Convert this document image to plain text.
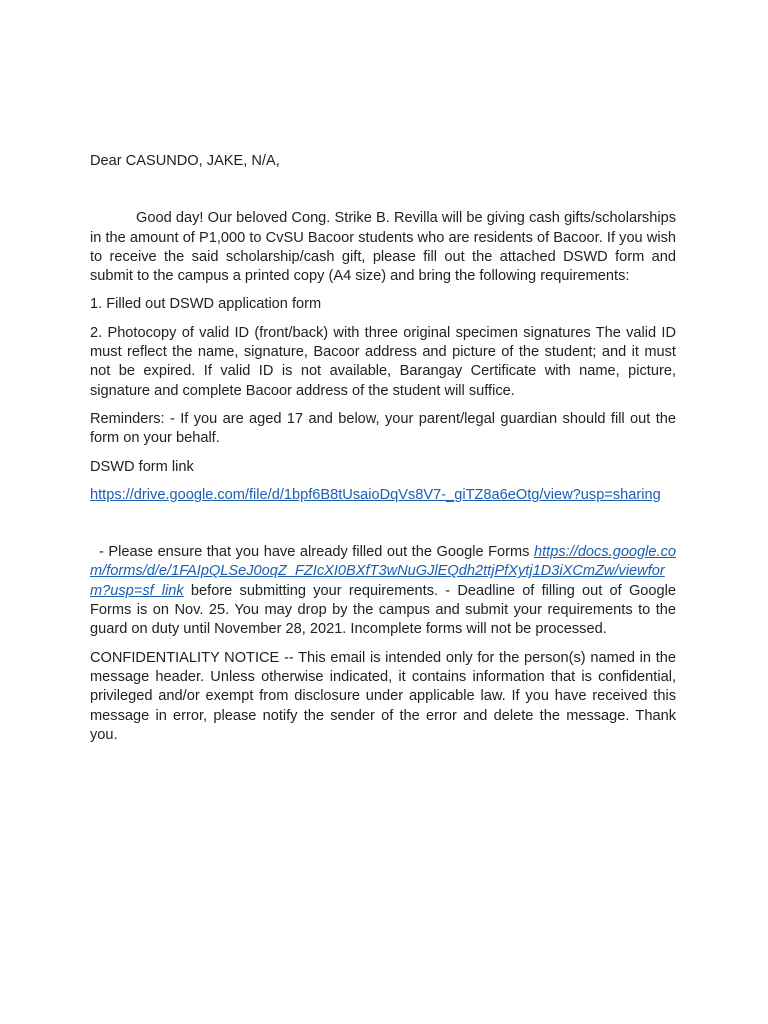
Dear CASUNDO, JAKE, N/A,

Good day! Our beloved Cong. Strike B. Revilla will be giving cash gifts/scholarships in the amount of P1,000 to CvSU Bacoor students who are residents of Bacoor. If you wish to receive the said scholarship/cash gift, please fill out the attached DSWD form and submit to the campus a printed copy (A4 size) and bring the following requirements:

1. Filled out DSWD application form

2. Photocopy of valid ID (front/back) with three original specimen signatures The valid ID must reflect the name, signature, Bacoor address and picture of the student; and it must not be expired. If valid ID is not available, Barangay Certificate with name, picture, signature and complete Bacoor address of the student will suffice.

Reminders: - If you are aged 17 and below, your parent/legal guardian should fill out the form on your behalf.

DSWD form link

https://drive.google.com/file/d/1bpf6B8tUsaioDqVs8V7-_giTZ8a6eOtg/view?usp=sharing

- Please ensure that you have already filled out the Google Forms https://docs.google.com/forms/d/e/1FAIpQLSeJ0oqZ_FZIcXI0BXfT3wNuGJlEQdh2ttjPfXytj1D3iXCmZw/viewform?usp=sf_link before submitting your requirements. - Deadline of filling out of Google Forms is on Nov. 25. You may drop by the campus and submit your requirements to the guard on duty until November 28, 2021. Incomplete forms will not be processed.

CONFIDENTIALITY NOTICE -- This email is intended only for the person(s) named in the message header. Unless otherwise indicated, it contains information that is confidential, privileged and/or exempt from disclosure under applicable law. If you have received this message in error, please notify the sender of the error and delete the message. Thank you.
